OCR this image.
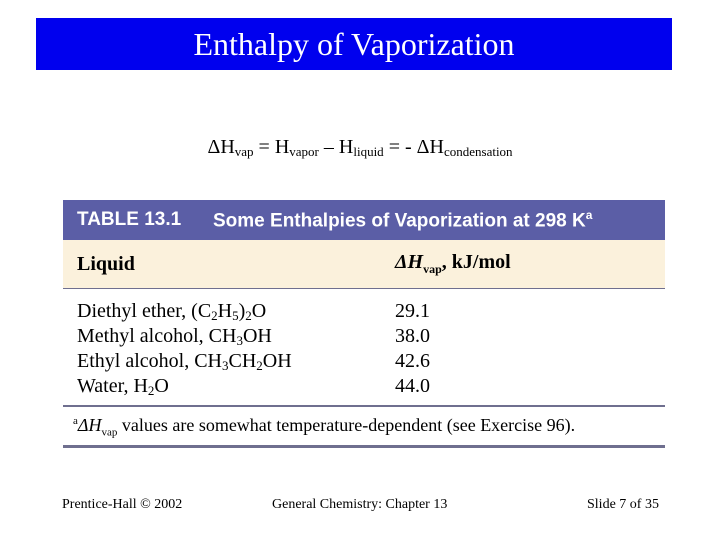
Enthalpy of Vaporization
$\Delta H_{vap} = H_{vapor} - H_{liquid}$ = - $\Delta H_{condensation}$
TABLE 13.1	Some Enthalpies of Vaporization at 298 $K^a$
Liquid	$\Delta H_{vap}$, kJ/mol
Diethyl ether, $(C_2H_5)_2O$	29.1
Methyl alcohol, $CH_3OH$	38.0
Ethyl alcohol, $CH_3CH_2OH$	42.6
Water, $H_2O$	44.0
$^a\Delta H_{vap}$ values are somewhat temperature-dependent (see Exercise 96).
Prentice-Hall © 2002	General Chemistry: Chapter 13	Slide 7 of 35
